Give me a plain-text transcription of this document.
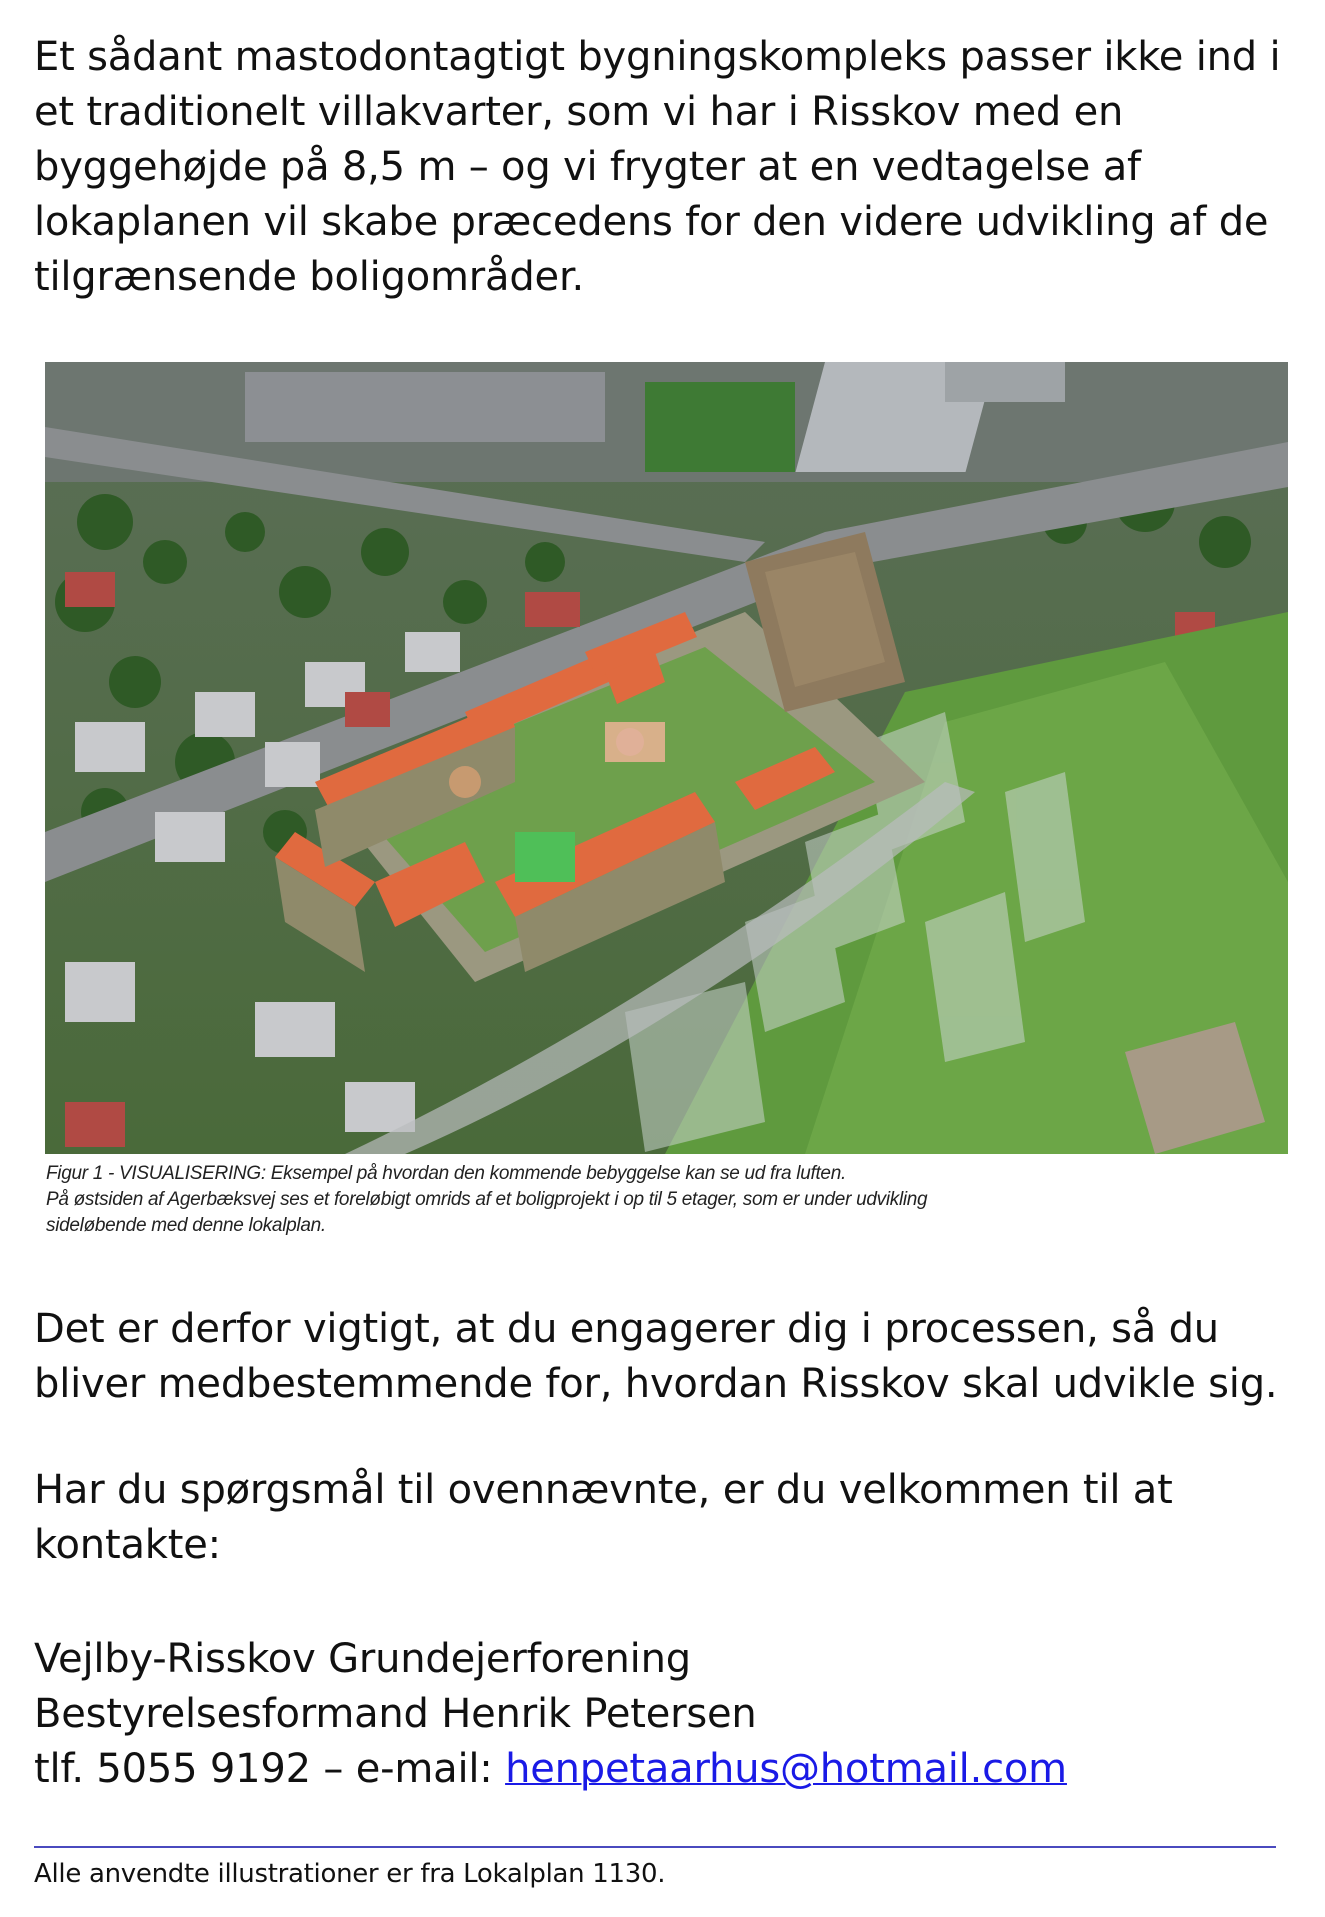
Et sådant mastodontagtigt bygningskompleks passer ikke ind i
et traditionelt villakvarter, som vi har i Risskov med en
byggehøjde på 8,5 m – og vi frygter at en vedtagelse af
lokaplanen vil skabe præcedens for den videre udvikling af de
tilgrænsende boligområder.
Figur 1 - VISUALISERING: Eksempel på hvordan den kommende bebyggelse kan se ud fra luften.
På østsiden af Agerbæksvej ses et foreløbigt omrids af et boligprojekt i op til 5 etager, som er under udvikling
sideløbende med denne lokalplan.
Det er derfor vigtigt, at du engagerer dig i processen, så du
bliver medbestemmende for, hvordan Risskov skal udvikle sig.
Har du spørgsmål til ovennævnte, er du velkommen til at
kontakte:
Vejlby-Risskov Grundejerforening
Bestyrelsesformand Henrik Petersen
tlf. 5055 9192 – e-mail: henpetaarhus@hotmail.com

Alle anvendte illustrationer er fra Lokalplan 1130.
